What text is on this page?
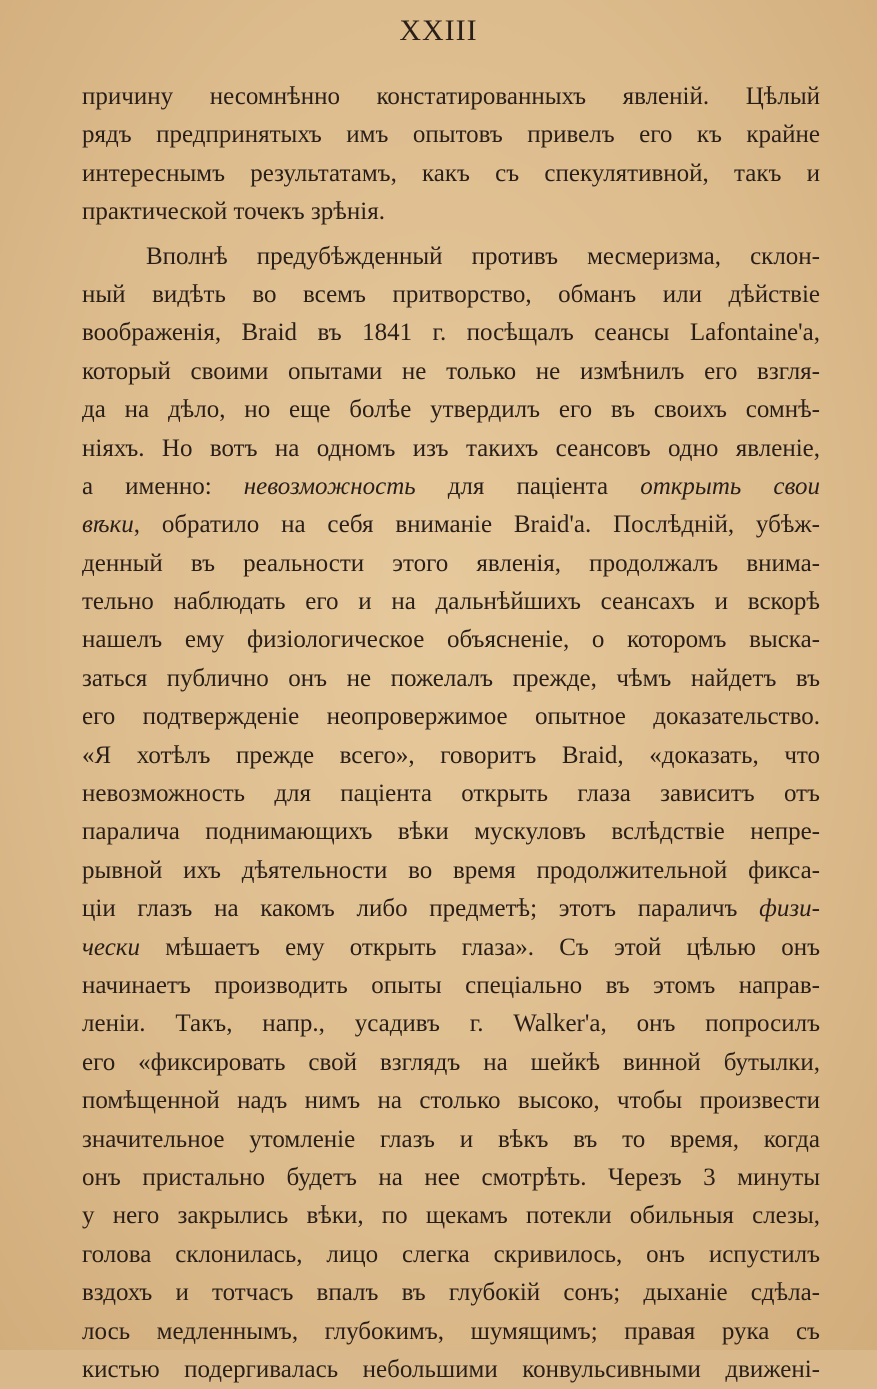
XXIII
причину несомнѣнно констатированныхъ явленій. Цѣлый
рядъ предпринятыхъ имъ опытовъ привелъ его къ крайне
интереснымъ результатамъ, какъ съ спекулятивной, такъ и
практической точекъ зрѣнія.
Вполнѣ предубѣжденный противъ месмеризма, склон-
ный видѣть во всемъ притворство, обманъ или дѣйствіе
воображенія, Braid въ 1841 г. посѣщалъ сеансы Lafontaine'а,
который своими опытами не только не измѣнилъ его взгля-
да на дѣло, но еще болѣе утвердилъ его въ своихъ сомнѣ-
ніяхъ. Но вотъ на одномъ изъ такихъ сеансовъ одно явленіе,
а именно: невозможность для пацiента открыть свои
вѣки, обратило на себя вниманіе Braid'а. Послѣдній, убѣж-
денный въ реальности этого явленія, продолжалъ внима-
тельно наблюдать его и на дальнѣйшихъ сеансахъ и вскорѣ
нашелъ ему физіологическое объясненіе, о которомъ выска-
заться публично онъ не пожелалъ прежде, чѣмъ найдетъ въ
его подтвержденіе неопровержимое опытное доказательство.
«Я хотѣлъ прежде всего», говоритъ Braid, «доказать, что
невозможность для пацiента открыть глаза зависитъ отъ
паралича поднимающихъ вѣки мускуловъ вслѣдствіе непре-
рывной ихъ дѣятельности во время продолжительной фикса-
ціи глазъ на какомъ либо предметѣ; этотъ параличъ физи-
чески мѣшаетъ ему открыть глаза». Съ этой цѣлью онъ
начинаетъ производить опыты спеціально въ этомъ направ-
леніи. Такъ, напр., усадивъ г. Walker'а, онъ попросилъ
его «фиксировать свой взглядъ на шейкѣ винной бутылки,
помѣщенной надъ нимъ на столько высоко, чтобы произвести
значительное утомленіе глазъ и вѣкъ въ то время, когда
онъ пристально будетъ на нее смотрѣть. Черезъ 3 минуты
у него закрылись вѣки, по щекамъ потекли обильныя слезы,
голова склонилась, лицо слегка скривилось, онъ испустилъ
вздохъ и тотчасъ впалъ въ глубокій сонъ; дыханіе сдѣла-
лось медленнымъ, глубокимъ, шумящимъ; правая рука съ
кистью подергивалась небольшими конвульсивными движені-
